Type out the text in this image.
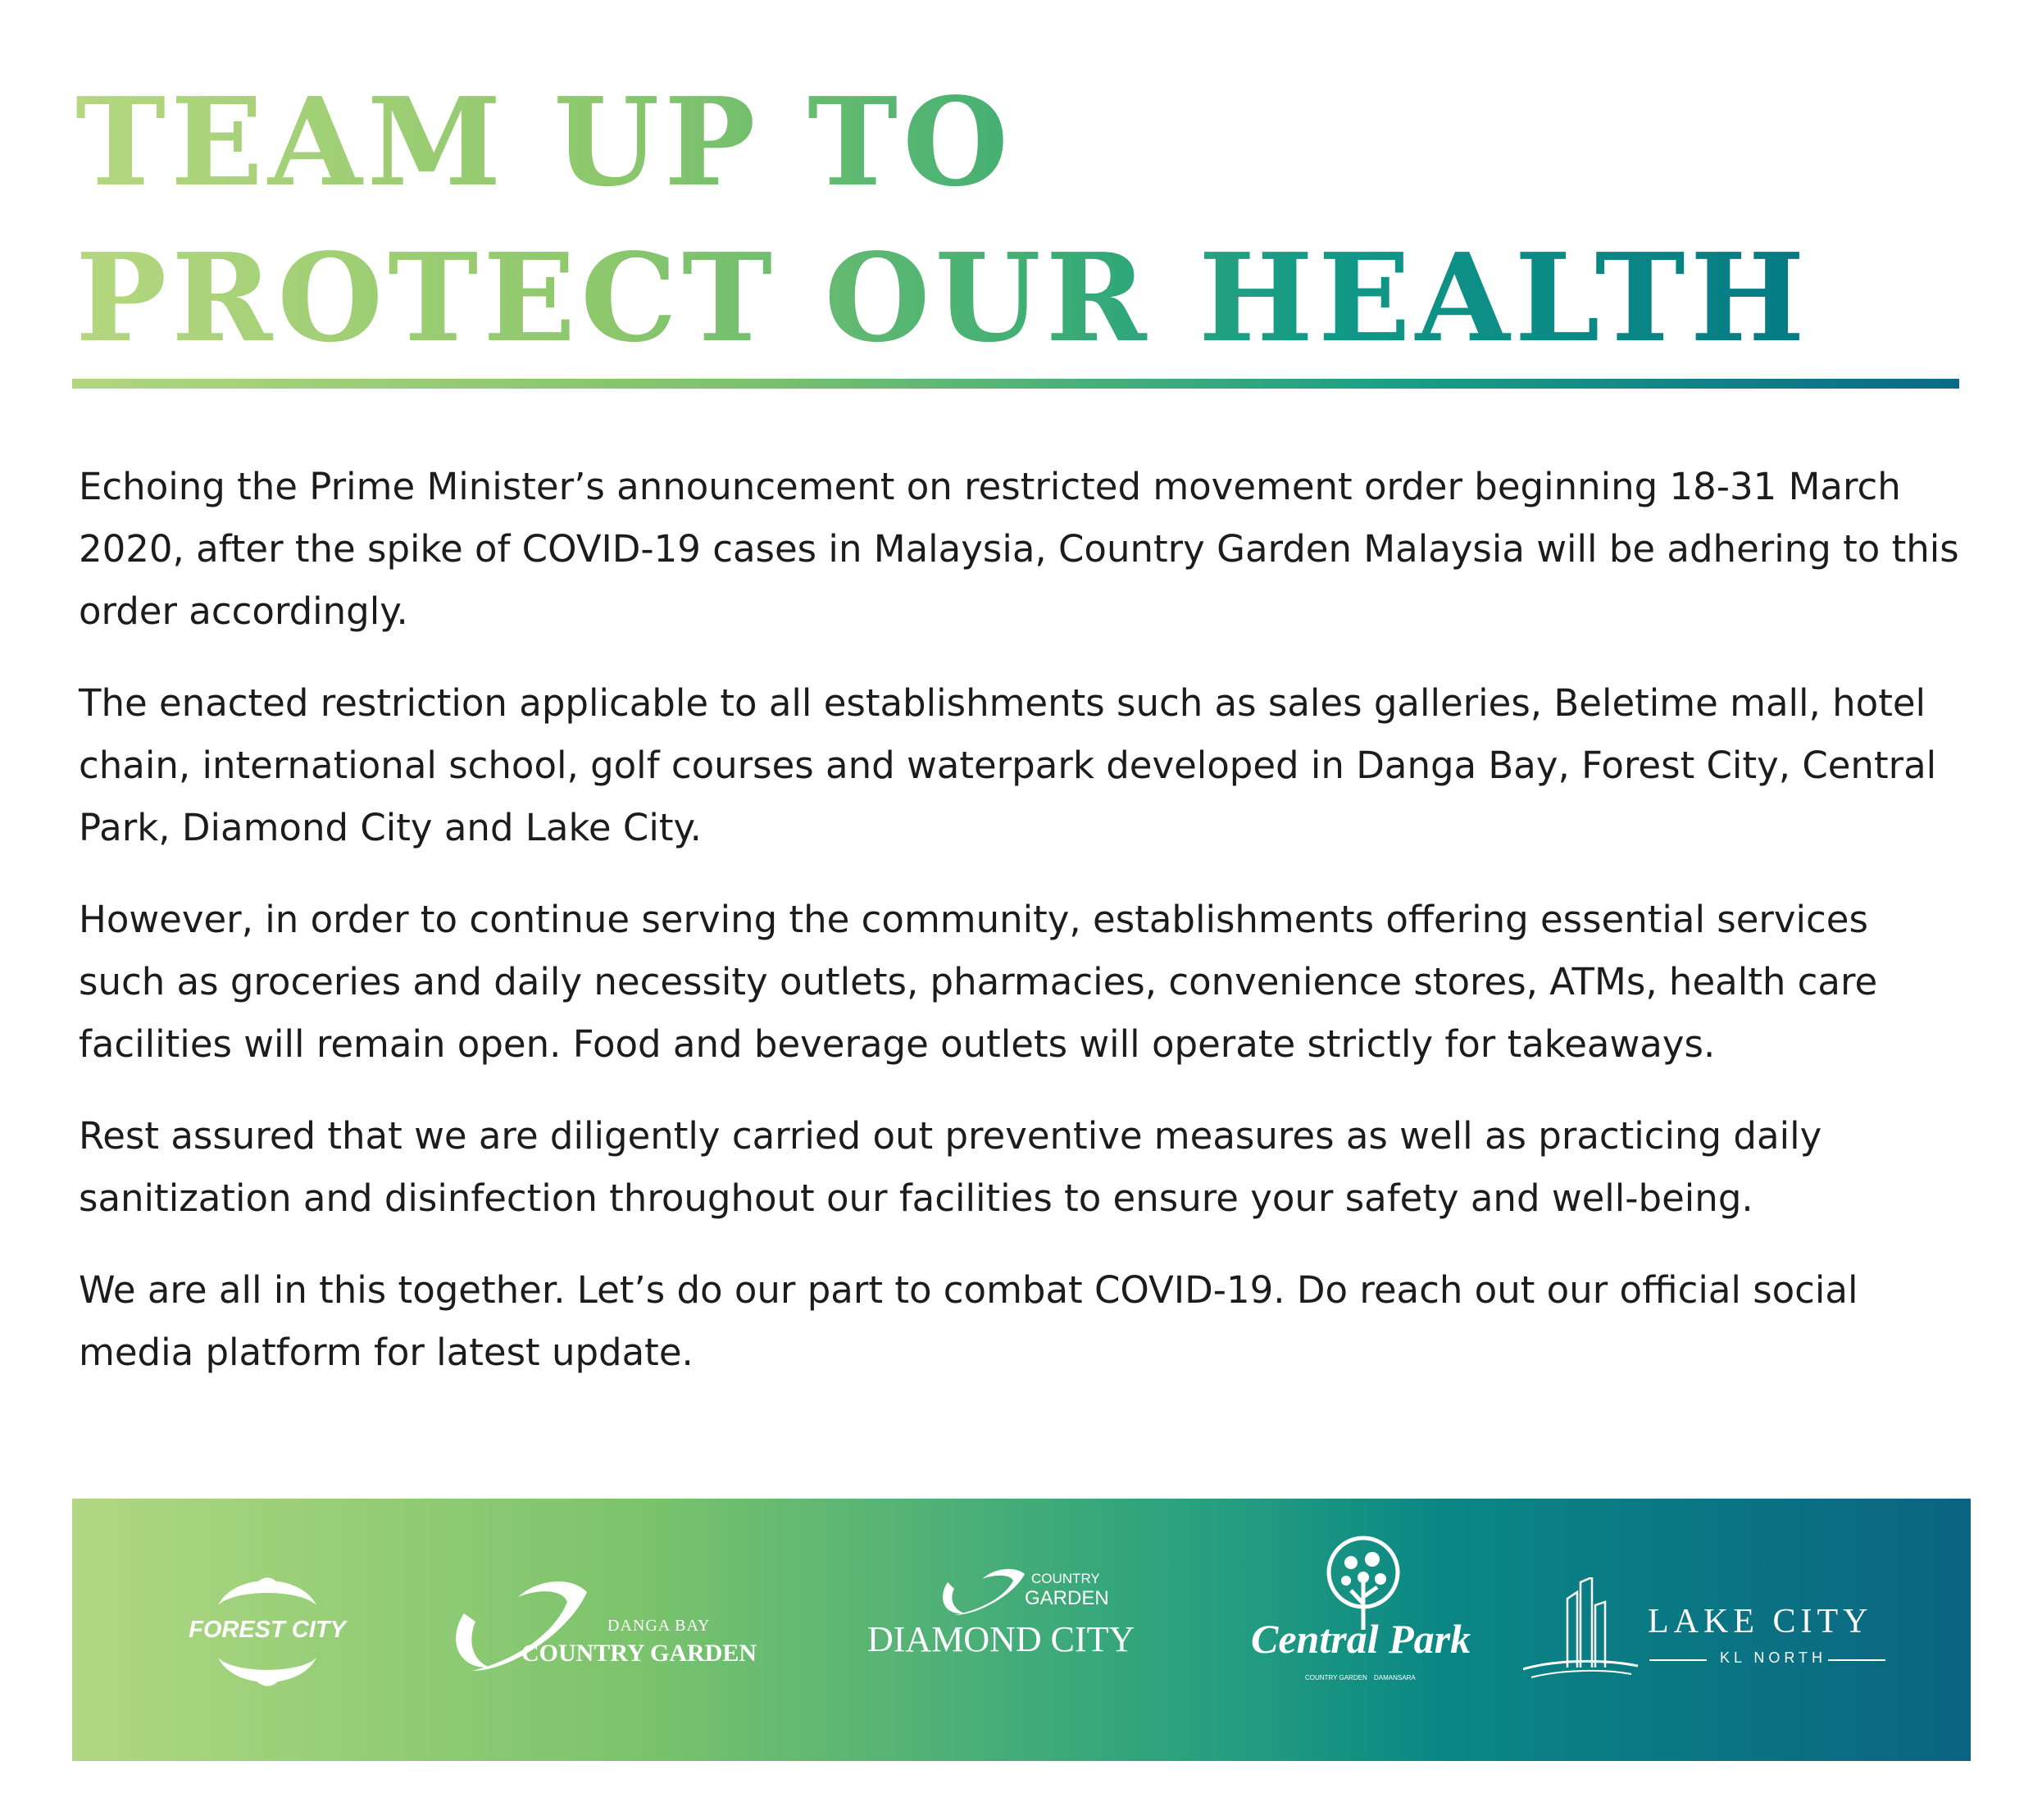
TEAM UP TO
PROTECT OUR HEALTH

Echoing the Prime Minister’s announcement on restricted movement order beginning 18-31 March 2020, after the spike of COVID-19 cases in Malaysia, Country Garden Malaysia will be adhering to this order accordingly.

The enacted restriction applicable to all establishments such as sales galleries, Beletime mall, hotel chain, international school, golf courses and waterpark developed in Danga Bay, Forest City, Central Park, Diamond City and Lake City.

However, in order to continue serving the community, establishments offering essential services such as groceries and daily necessity outlets, pharmacies, convenience stores, ATMs, health care facilities will remain open. Food and beverage outlets will operate strictly for takeaways.

Rest assured that we are diligently carried out preventive measures as well as practicing daily sanitization and disinfection throughout our facilities to ensure your safety and well-being.

We are all in this together. Let’s do our part to combat COVID-19. Do reach out our official social media platform for latest update.

FOREST CITY	DANGA BAY
COUNTRY GARDEN
COUNTRY
GARDEN
DIAMOND CITY	Central Park
COUNTRY GARDEN DAMANSARA
LAKE CITY
KL NORTH
